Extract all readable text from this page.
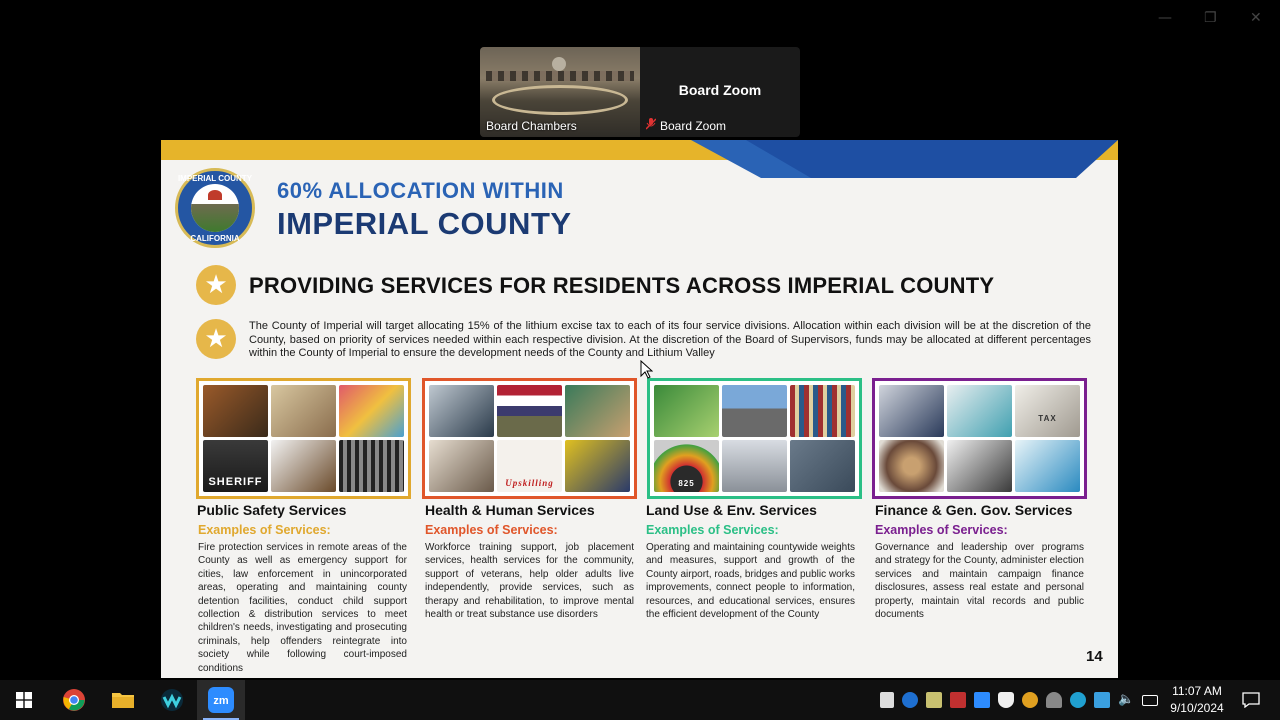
— ❐ ✕
Board Chambers
Board Zoom
Board Zoom
IMPERIAL COUNTY
CALIFORNIA
60% ALLOCATION WITHIN
IMPERIAL COUNTY
★ PROVIDING SERVICES FOR RESIDENTS ACROSS IMPERIAL COUNTY
★	The County of Imperial will target allocating 15% of the lithium excise tax to each of its four service divisions. Allocation within each division will be at the discretion of the County, based on priority of services needed within each respective division. At the discretion of the Board of Supervisors, funds may be allocated at different percentages within the County of Imperial to ensure the development needs of the County and Lithium Valley
SHERIFF
Public Safety Services
Examples of Services:
Fire protection services in remote areas of the County as well as emergency support for cities, law enforcement in unincorporated areas, operating and maintaining county detention facilities, conduct child support collection & distribution services to meet children's needs, investigating and prosecuting criminals, help offenders reintegrate into society while following court-imposed conditions
Upskilling
Health & Human Services
Examples of Services:
Workforce training support, job placement services, health services for the community, support of veterans, help older adults live independently, provide services, such as therapy and rehabilitation, to improve mental health or treat substance use disorders
825
Land Use & Env. Services
Examples of Services:
Operating and maintaining countywide weights and measures, support and growth of the County airport, roads, bridges and public works improvements, connect people to information, resources, and educational services, ensures the efficient development of the County
TAX
Finance & Gen. Gov. Services
Examples of Services:
Governance and leadership over programs and strategy for the County, administer election services and maintain campaign finance disclosures, assess real estate and personal property, maintain vital records and public documents
14
zm	🔈
11:07 AM
9/10/2024
